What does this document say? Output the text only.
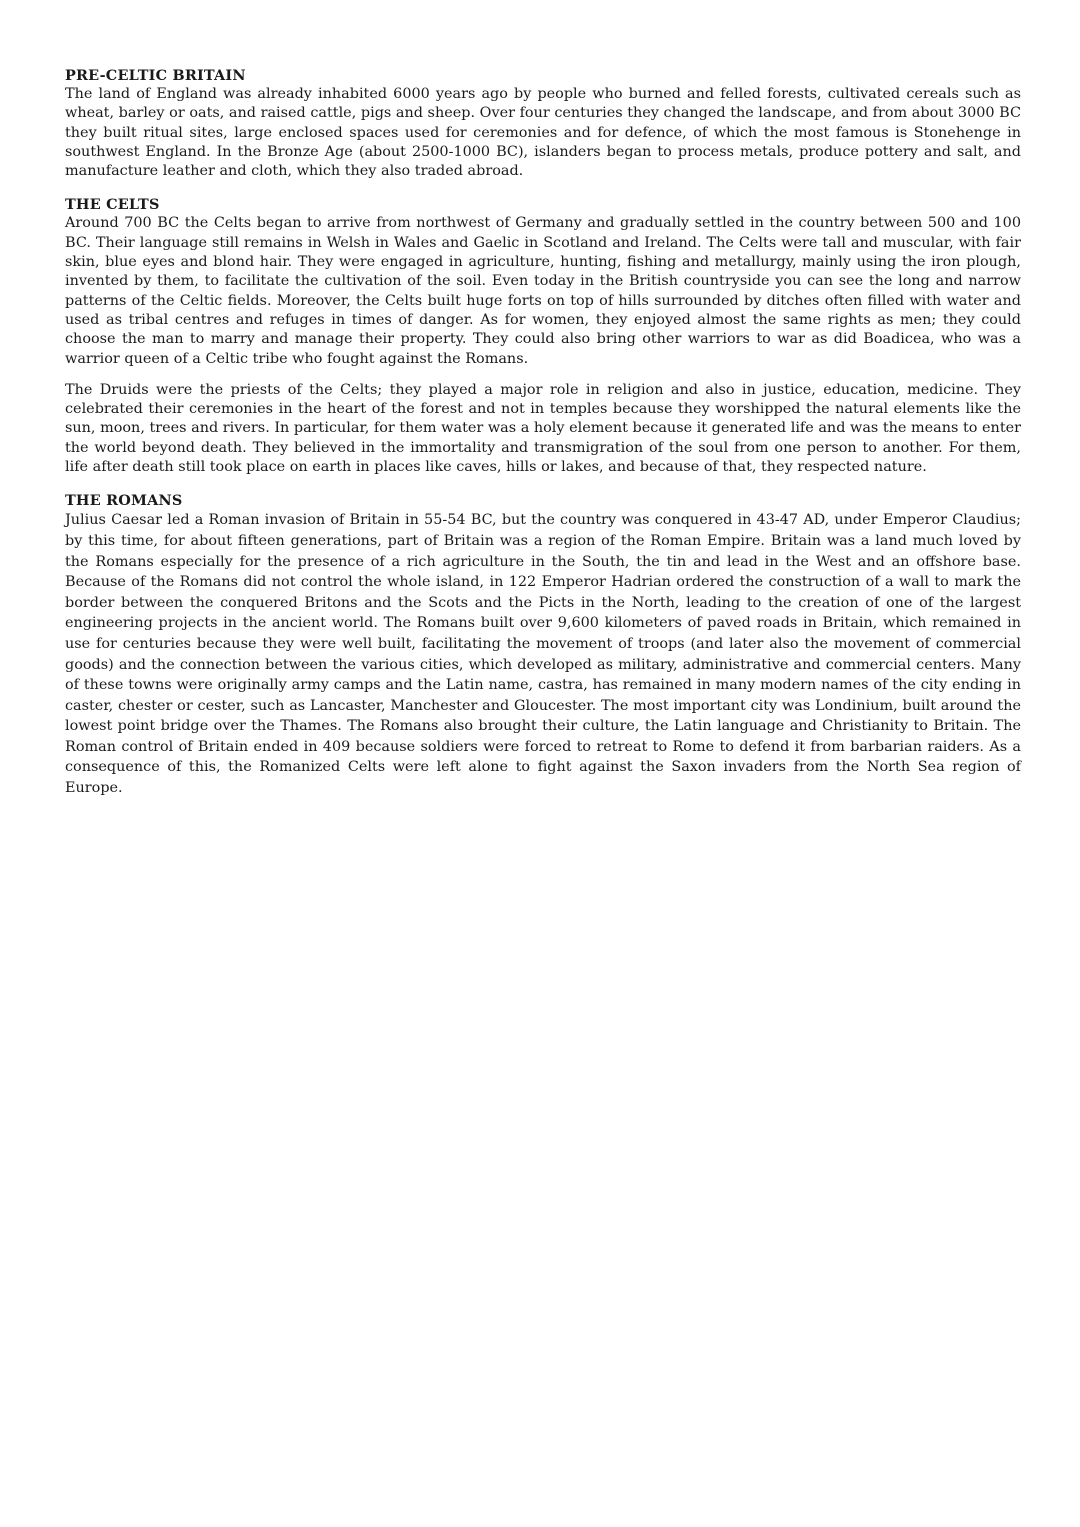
PRE-CELTIC BRITAIN

The land of England was already inhabited 6000 years ago by people who burned and felled forests, cultivated cereals such as wheat, barley or oats, and raised cattle, pigs and sheep. Over four centuries they changed the landscape, and from about 3000 BC they built ritual sites, large enclosed spaces used for ceremonies and for defence, of which the most famous is Stonehenge in southwest England. In the Bronze Age (about 2500-1000 BC), islanders began to process metals, produce pottery and salt, and manufacture leather and cloth, which they also traded abroad.

THE CELTS

Around 700 BC the Celts began to arrive from northwest of Germany and gradually settled in the country between 500 and 100 BC. Their language still remains in Welsh in Wales and Gaelic in Scotland and Ireland. The Celts were tall and muscular, with fair skin, blue eyes and blond hair. They were engaged in agriculture, hunting, fishing and metallurgy, mainly using the iron plough, invented by them, to facilitate the cultivation of the soil. Even today in the British countryside you can see the long and narrow patterns of the Celtic fields. Moreover, the Celts built huge forts on top of hills surrounded by ditches often filled with water and used as tribal centres and refuges in times of danger. As for women, they enjoyed almost the same rights as men; they could choose the man to marry and manage their property. They could also bring other warriors to war as did Boadicea, who was a warrior queen of a Celtic tribe who fought against the Romans.

The Druids were the priests of the Celts; they played a major role in religion and also in justice, education, medicine. They celebrated their ceremonies in the heart of the forest and not in temples because they worshipped the natural elements like the sun, moon, trees and rivers. In particular, for them water was a holy element because it generated life and was the means to enter the world beyond death. They believed in the immortality and transmigration of the soul from one person to another. For them, life after death still took place on earth in places like caves, hills or lakes, and because of that, they respected nature.

THE ROMANS

Julius Caesar led a Roman invasion of Britain in 55-54 BC, but the country was conquered in 43-47 AD, under Emperor Claudius; by this time, for about fifteen generations, part of Britain was a region of the Roman Empire. Britain was a land much loved by the Romans especially for the presence of a rich agriculture in the South, the tin and lead in the West and an offshore base. Because of the Romans did not control the whole island, in 122 Emperor Hadrian ordered the construction of a wall to mark the border between the conquered Britons and the Scots and the Picts in the North, leading to the creation of one of the largest engineering projects in the ancient world. The Romans built over 9,600 kilometers of paved roads in Britain, which remained in use for centuries because they were well built, facilitating the movement of troops (and later also the movement of commercial goods) and the connection between the various cities, which developed as military, administrative and commercial centers. Many of these towns were originally army camps and the Latin name, castra, has remained in many modern names of the city ending in caster, chester or cester, such as Lancaster, Manchester and Gloucester. The most important city was Londinium, built around the lowest point bridge over the Thames. The Romans also brought their culture, the Latin language and Christianity to Britain. The Roman control of Britain ended in 409 because soldiers were forced to retreat to Rome to defend it from barbarian raiders. As a consequence of this, the Romanized Celts were left alone to fight against the Saxon invaders from the North Sea region of Europe.
